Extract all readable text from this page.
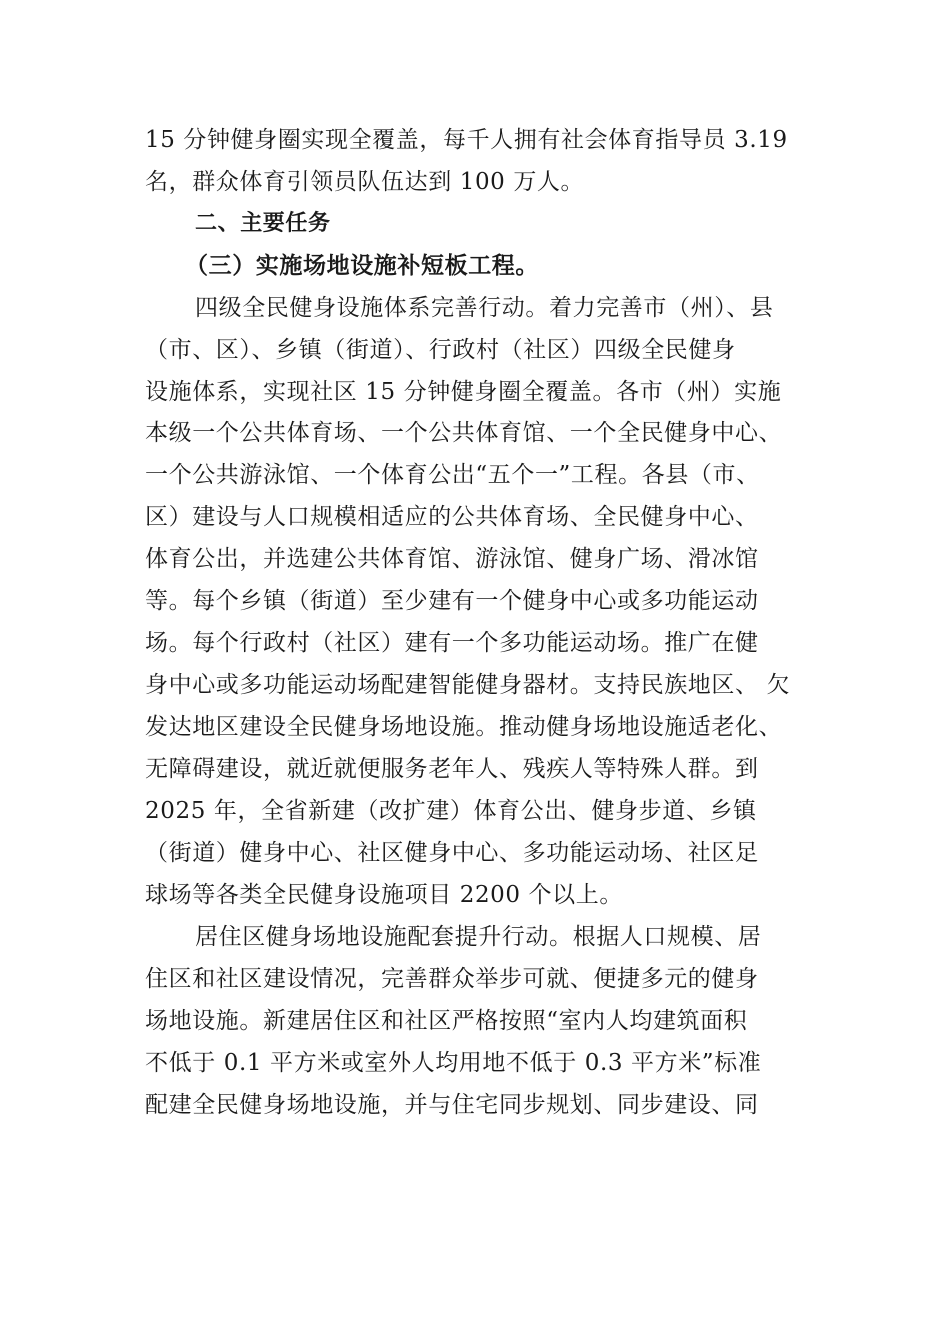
15 分钟健身圈实现全覆盖，每千人拥有社会体育指导员 3.19
名，群众体育引领员队伍达到 100 万人。
二、主要任务
（三）实施场地设施补短板工程。
四级全民健身设施体系完善行动。着力完善市（州）、县
（市、区）、乡镇（街道）、行政村（社区）四级全民健身
设施体系，实现社区 15 分钟健身圈全覆盖。各市（州）实施
本级一个公共体育场、一个公共体育馆、一个全民健身中心、
一个公共游泳馆、一个体育公岀“五个一”工程。各县（市、
区）建设与人口规模相适应的公共体育场、全民健身中心、
体育公岀，并选建公共体育馆、游泳馆、健身广场、滑冰馆
等。每个乡镇（街道）至少建有一个健身中心或多功能运动
场。每个行政村（社区）建有一个多功能运动场。推广在健
身中心或多功能运动场配建智能健身器材。支持民族地区、 欠
发达地区建设全民健身场地设施。推动健身场地设施适老化、
无障碍建设，就近就便服务老年人、残疾人等特殊人群。到
2025 年，全省新建（改扩建）体育公岀、健身步道、乡镇
（街道）健身中心、社区健身中心、多功能运动场、社区足
球场等各类全民健身设施项目 2200 个以上。
居住区健身场地设施配套提升行动。根据人口规模、居
住区和社区建设情况，完善群众举步可就、便捷多元的健身
场地设施。新建居住区和社区严格按照“室内人均建筑面积
不低于 0.1 平方米或室外人均用地不低于 0.3 平方米”标准
配建全民健身场地设施，并与住宅同步规划、同步建设、同
